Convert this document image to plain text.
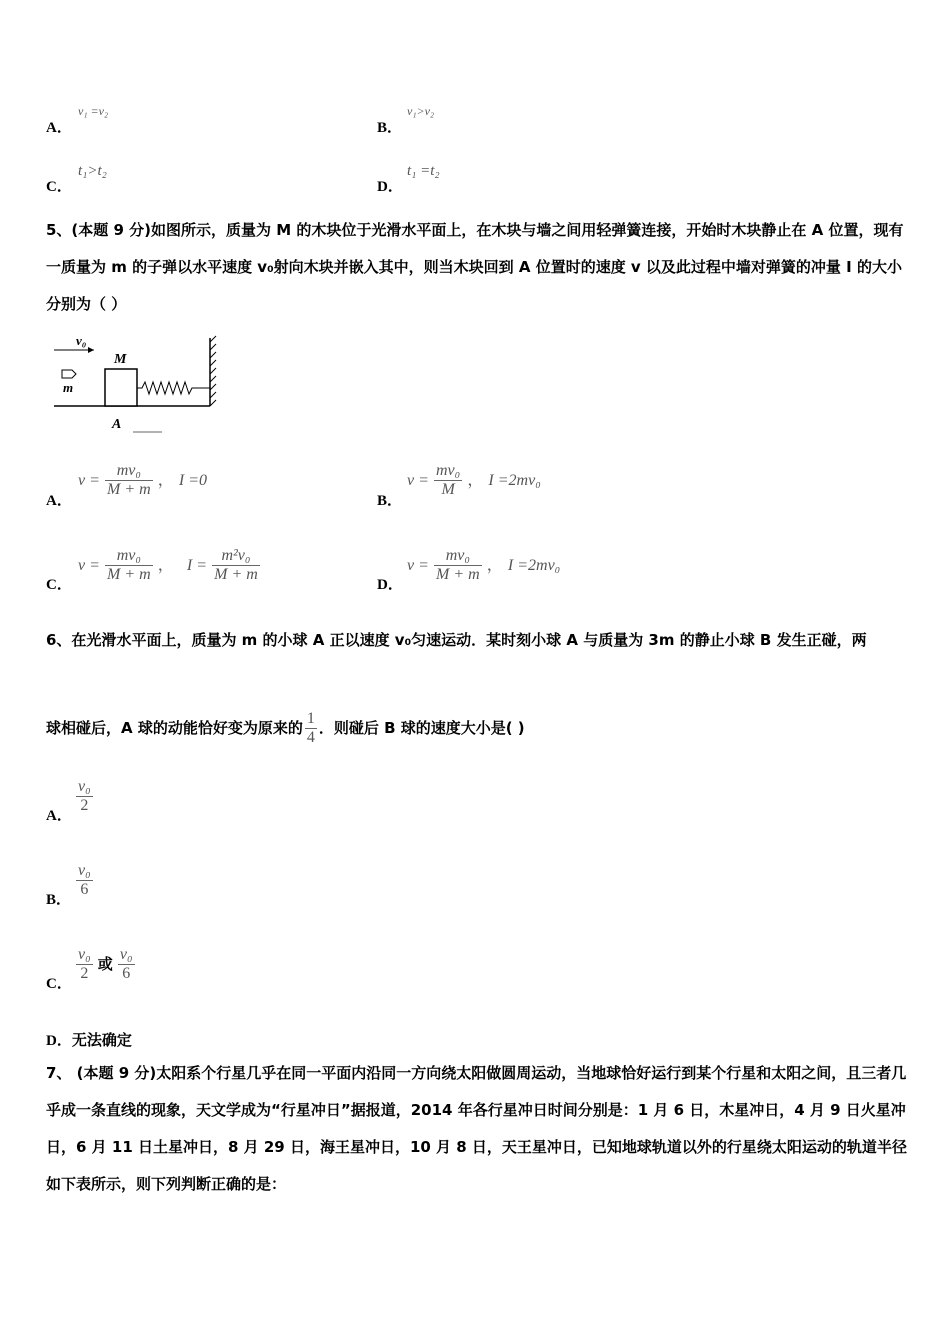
A．
v₁ =v₂
B．
v₁>v₂
C．
t₁>t₂
D．
t₁ =t₂
5、(本题 9 分)如图所示，质量为 M 的木块位于光滑水平面上，在木块与墙之间用轻弹簧连接，开始时木块静止在 A 位置，现有一质量为 m 的子弹以水平速度 v₀射向木块并嵌入其中，则当木块回到 A 位置时的速度 v 以及此过程中墙对弹簧的冲量 I 的大小分别为（ ）
v₀
M
m
A
A．
$v = \frac{\text{mv₀}}{M + m}$ ， I =0
B．
$v = \frac{\text{mv₀}}{M}$ ， I =2mv₀
C．
$v = \frac{\text{mv₀}}{M + m}$ ， $I = \frac{\text{m²v₀}}{M + m}$
D．
$v = \frac{\text{mv₀}}{M + m}$ ， I =2mv₀
6、在光滑水平面上，质量为 m 的小球 A 正以速度 v₀匀速运动．某时刻小球 A 与质量为 3m 的静止小球 B 发生正碰，两
球相碰后，A 球的动能恰好变为原来的 $\frac{1}{4}$ ．则碰后 B 球的速度大小是( )
A．
$\frac{\text{v₀}}{2}$
B．
$\frac{\text{v₀}}{6}$
C．
$\frac{\text{v₀}}{2}$ 或 $\frac{\text{v₀}}{6}$
D．无法确定
7、 (本题 9 分)太阳系个行星几乎在同一平面内沿同一方向绕太阳做圆周运动，当地球恰好运行到某个行星和太阳之间，且三者几乎成一条直线的现象，天文学成为“行星冲日”据报道，2014 年各行星冲日时间分别是：1 月 6 日，木星冲日，4 月 9 日火星冲日，6 月 11 日土星冲日，8 月 29 日，海王星冲日，10 月 8 日，天王星冲日，已知地球轨道以外的行星绕太阳运动的轨道半径如下表所示，则下列判断正确的是：
